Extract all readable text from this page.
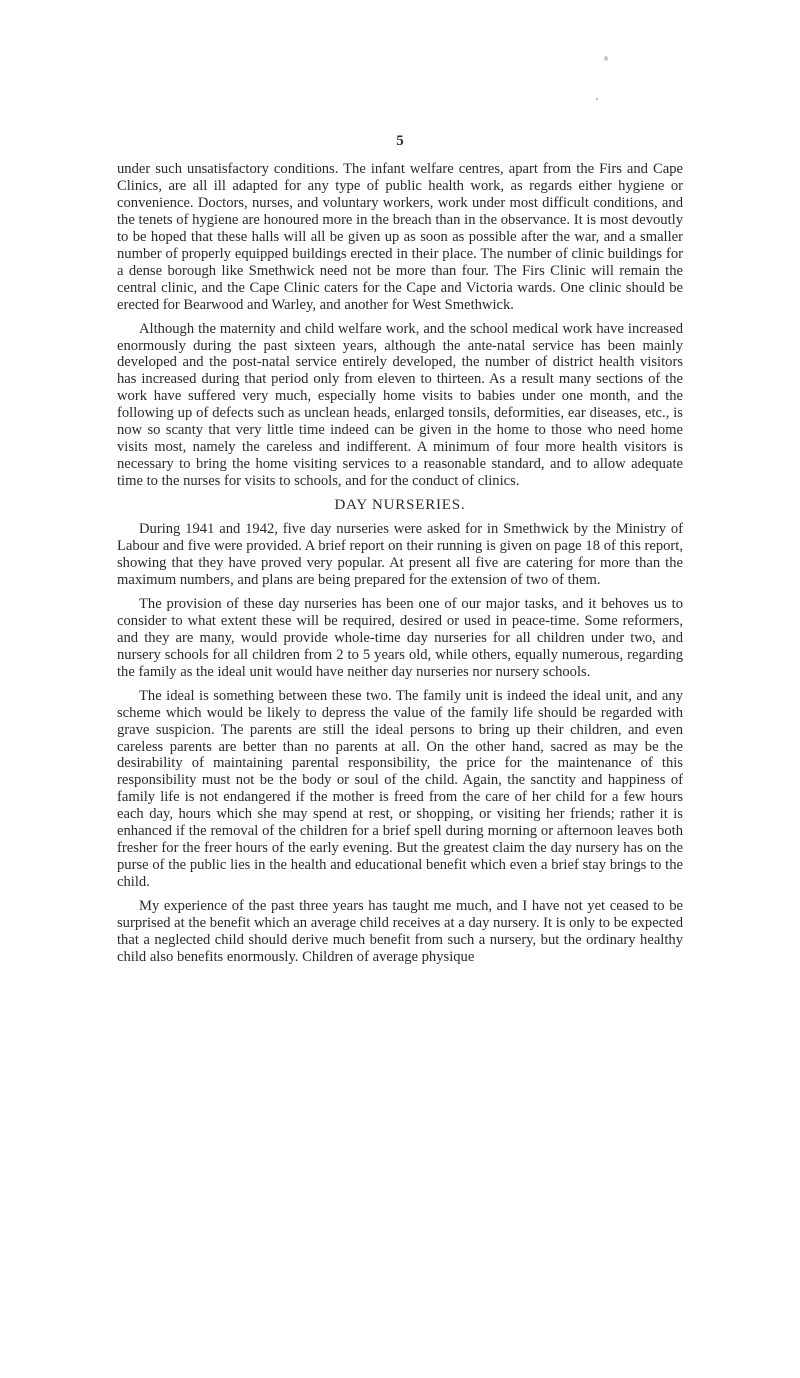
5

under such unsatisfactory conditions. The infant welfare centres, apart from the Firs and Cape Clinics, are all ill adapted for any type of public health work, as regards either hygiene or convenience. Doctors, nurses, and voluntary workers, work under most difficult conditions, and the tenets of hygiene are honoured more in the breach than in the observance. It is most devoutly to be hoped that these halls will all be given up as soon as possible after the war, and a smaller number of properly equipped buildings erected in their place. The number of clinic buildings for a dense borough like Smethwick need not be more than four. The Firs Clinic will remain the central clinic, and the Cape Clinic caters for the Cape and Victoria wards. One clinic should be erected for Bearwood and Warley, and another for West Smethwick.

Although the maternity and child welfare work, and the school medical work have increased enormously during the past sixteen years, although the ante-natal service has been mainly developed and the post-natal service entirely developed, the number of district health visitors has increased during that period only from eleven to thirteen. As a result many sections of the work have suffered very much, especially home visits to babies under one month, and the following up of defects such as unclean heads, enlarged tonsils, deformities, ear diseases, etc., is now so scanty that very little time indeed can be given in the home to those who need home visits most, namely the careless and indifferent. A minimum of four more health visitors is necessary to bring the home visiting services to a reasonable standard, and to allow adequate time to the nurses for visits to schools, and for the conduct of clinics.

DAY NURSERIES.

During 1941 and 1942, five day nurseries were asked for in Smethwick by the Ministry of Labour and five were provided. A brief report on their running is given on page 18 of this report, showing that they have proved very popular. At present all five are catering for more than the maximum numbers, and plans are being prepared for the extension of two of them.

The provision of these day nurseries has been one of our major tasks, and it behoves us to consider to what extent these will be required, desired or used in peace-time. Some reformers, and they are many, would provide whole-time day nurseries for all children under two, and nursery schools for all children from 2 to 5 years old, while others, equally numerous, regarding the family as the ideal unit would have neither day nurseries nor nursery schools.

The ideal is something between these two. The family unit is indeed the ideal unit, and any scheme which would be likely to depress the value of the family life should be regarded with grave suspicion. The parents are still the ideal persons to bring up their children, and even careless parents are better than no parents at all. On the other hand, sacred as may be the desirability of maintaining parental responsibility, the price for the maintenance of this responsibility must not be the body or soul of the child. Again, the sanctity and happiness of family life is not endangered if the mother is freed from the care of her child for a few hours each day, hours which she may spend at rest, or shopping, or visiting her friends; rather it is enhanced if the removal of the children for a brief spell during morning or afternoon leaves both fresher for the freer hours of the early evening. But the greatest claim the day nursery has on the purse of the public lies in the health and educational benefit which even a brief stay brings to the child.

My experience of the past three years has taught me much, and I have not yet ceased to be surprised at the benefit which an average child receives at a day nursery. It is only to be expected that a neglected child should derive much benefit from such a nursery, but the ordinary healthy child also benefits enormously. Children of average physique
